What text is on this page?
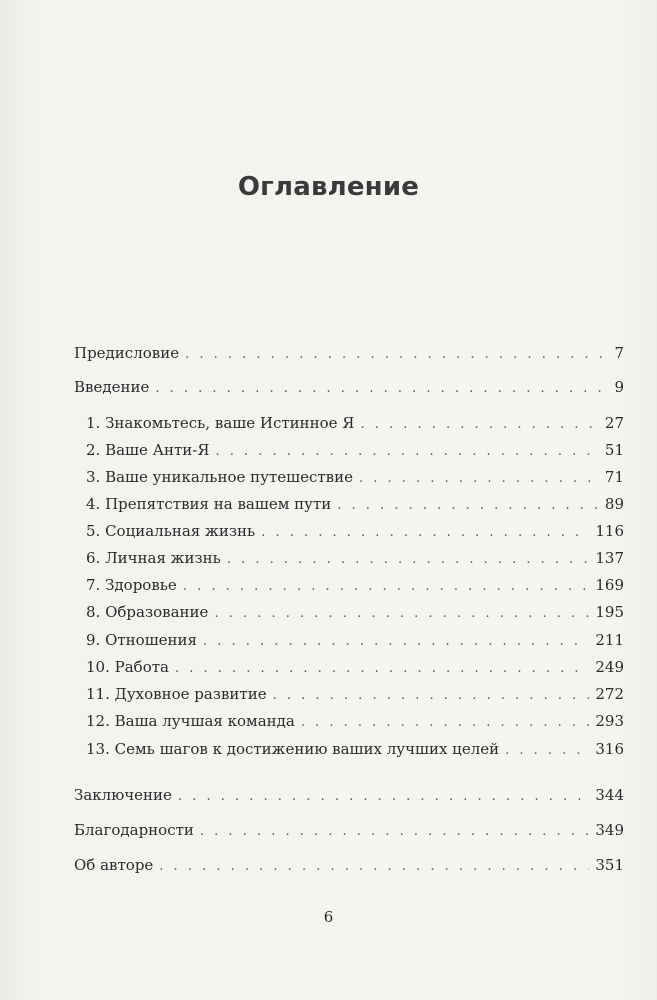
Оглавление
Предисловие . . .	7
Введение . . .	9
1. Знакомьтесь, ваше Истинное Я . . .	27
2. Ваше Анти-Я . . .	51
3. Ваше уникальное путешествие . . .	71
4. Препятствия на вашем пути . . .	89
5. Социальная жизнь . . .	116
6. Личная жизнь . . .	137
7. Здоровье . . .	169
8. Образование . . .	195
9. Отношения . . .	211
10. Работа . . .	249
11. Духовное развитие . . .	272
12. Ваша лучшая команда . . .	293
13. Семь шагов к достижению ваших лучших целей . . .	316
Заключение . . .	344
Благодарности . . .	349
Об авторе . . .	351
6
